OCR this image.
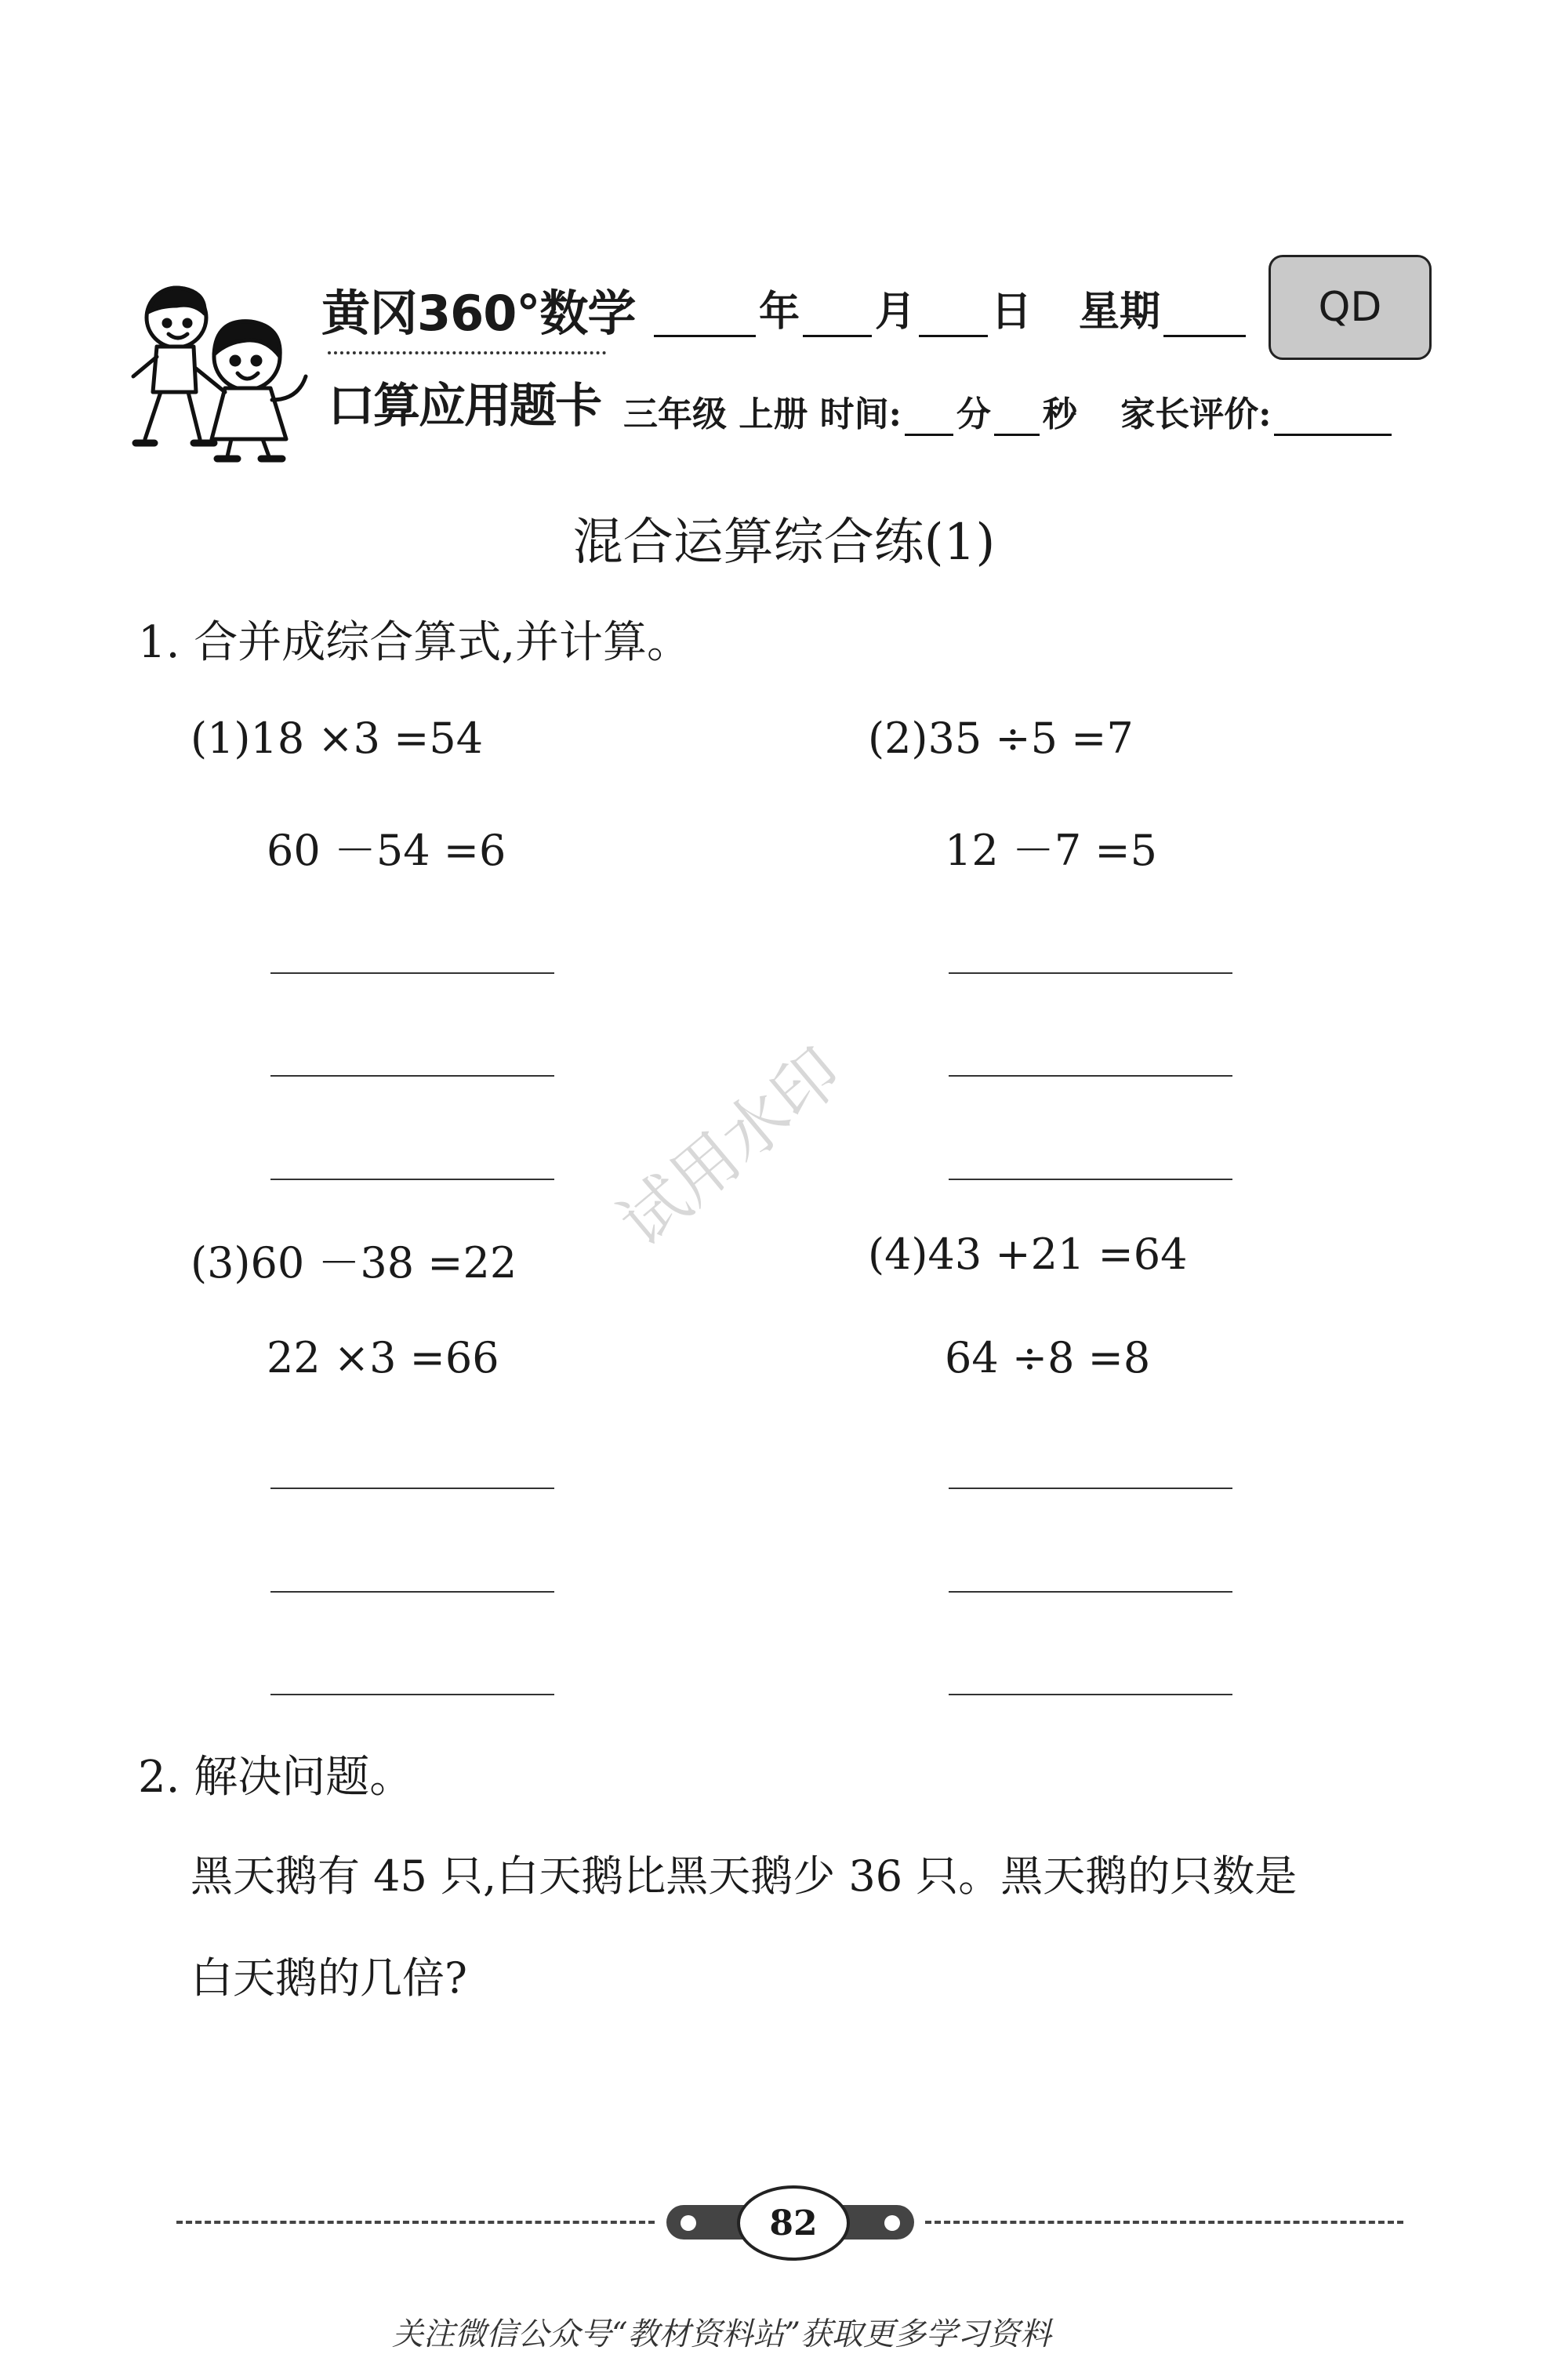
黄冈360°数学
口算应用题卡
年 月 日 星期	QD
三年级 上册 时间: 分 秒 家长评价:
混合运算综合练(1)
1. 合并成综合算式,并计算。
(1)18 ×3 =54
60 －54 =6
(2)35 ÷5 =7
12 －7 =5
(3)60 －38 =22
22 ×3 =66
(4)43 +21 =64
64 ÷8 =8
试用水印
2. 解决问题。
黑天鹅有 45 只,白天鹅比黑天鹅少 36 只。黑天鹅的只数是
白天鹅的几倍?
82
关注微信公众号“教材资料站”获取更多学习资料
